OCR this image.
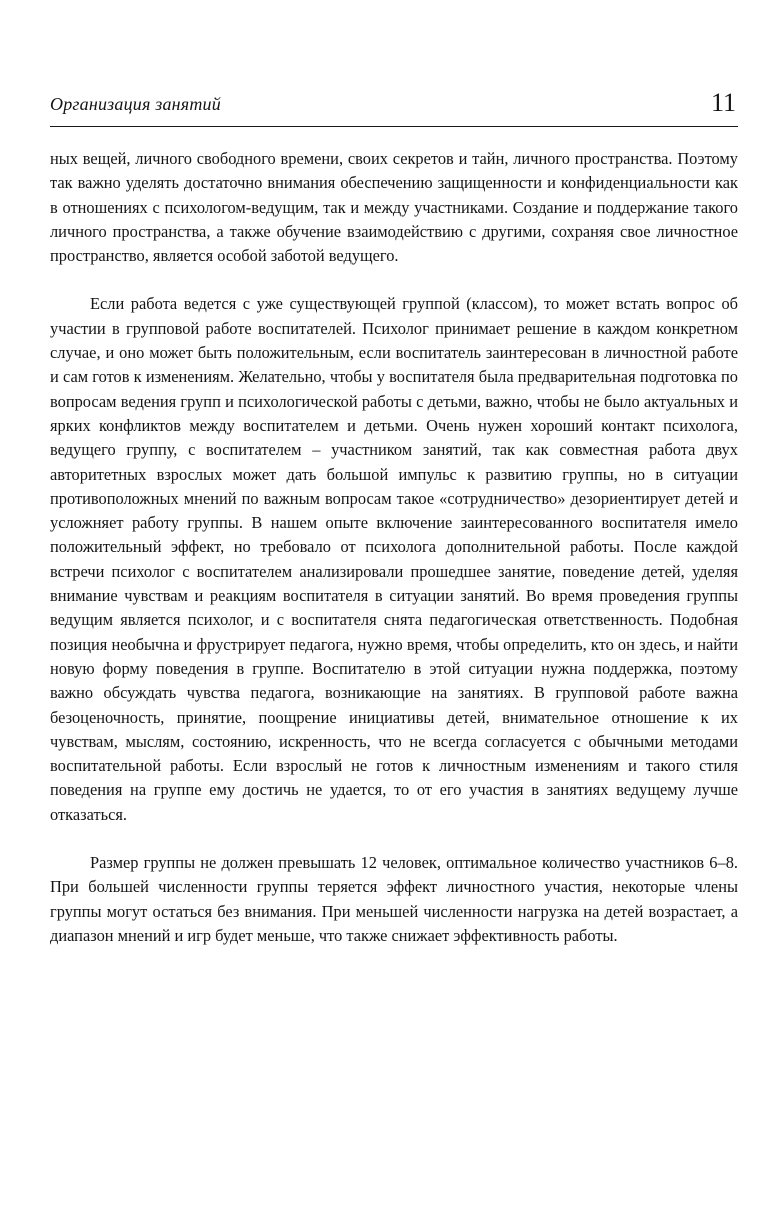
Организация занятий	11

ных вещей, личного свободного времени, своих секретов и тайн, личного пространства. Поэтому так важно уделять достаточно внимания обеспечению защищенности и конфиденциальности как в отношениях с психологом-ведущим, так и между участниками. Создание и поддержание такого личного пространства, а также обучение взаимодействию с другими, сохраняя свое личностное пространство, является особой заботой ведущего.

Если работа ведется с уже существующей группой (классом), то может встать вопрос об участии в групповой работе воспитателей. Психолог принимает решение в каждом конкретном случае, и оно может быть положительным, если воспитатель заинтересован в личностной работе и сам готов к изменениям. Желательно, чтобы у воспитателя была предварительная подготовка по вопросам ведения групп и психологической работы с детьми, важно, чтобы не было актуальных и ярких конфликтов между воспитателем и детьми. Очень нужен хороший контакт психолога, ведущего группу, с воспитателем – участником занятий, так как совместная работа двух авторитетных взрослых может дать большой импульс к развитию группы, но в ситуации противоположных мнений по важным вопросам такое «сотрудничество» дезориентирует детей и усложняет работу группы. В нашем опыте включение заинтересованного воспитателя имело положительный эффект, но требовало от психолога дополнительной работы. После каждой встречи психолог с воспитателем анализировали прошедшее занятие, поведение детей, уделяя внимание чувствам и реакциям воспитателя в ситуации занятий. Во время проведения группы ведущим является психолог, и с воспитателя снята педагогическая ответственность. Подобная позиция необычна и фрустрирует педагога, нужно время, чтобы определить, кто он здесь, и найти новую форму поведения в группе. Воспитателю в этой ситуации нужна поддержка, поэтому важно обсуждать чувства педагога, возникающие на занятиях. В групповой работе важна безоценочность, принятие, поощрение инициативы детей, внимательное отношение к их чувствам, мыслям, состоянию, искренность, что не всегда согласуется с обычными методами воспитательной работы. Если взрослый не готов к личностным изменениям и такого стиля поведения на группе ему достичь не удается, то от его участия в занятиях ведущему лучше отказаться.

Размер группы не должен превышать 12 человек, оптимальное количество участников 6–8. При большей численности группы теряется эффект личностного участия, некоторые члены группы могут остаться без внимания. При меньшей численности нагрузка на детей возрастает, а диапазон мнений и игр будет меньше, что также снижает эффективность работы.
